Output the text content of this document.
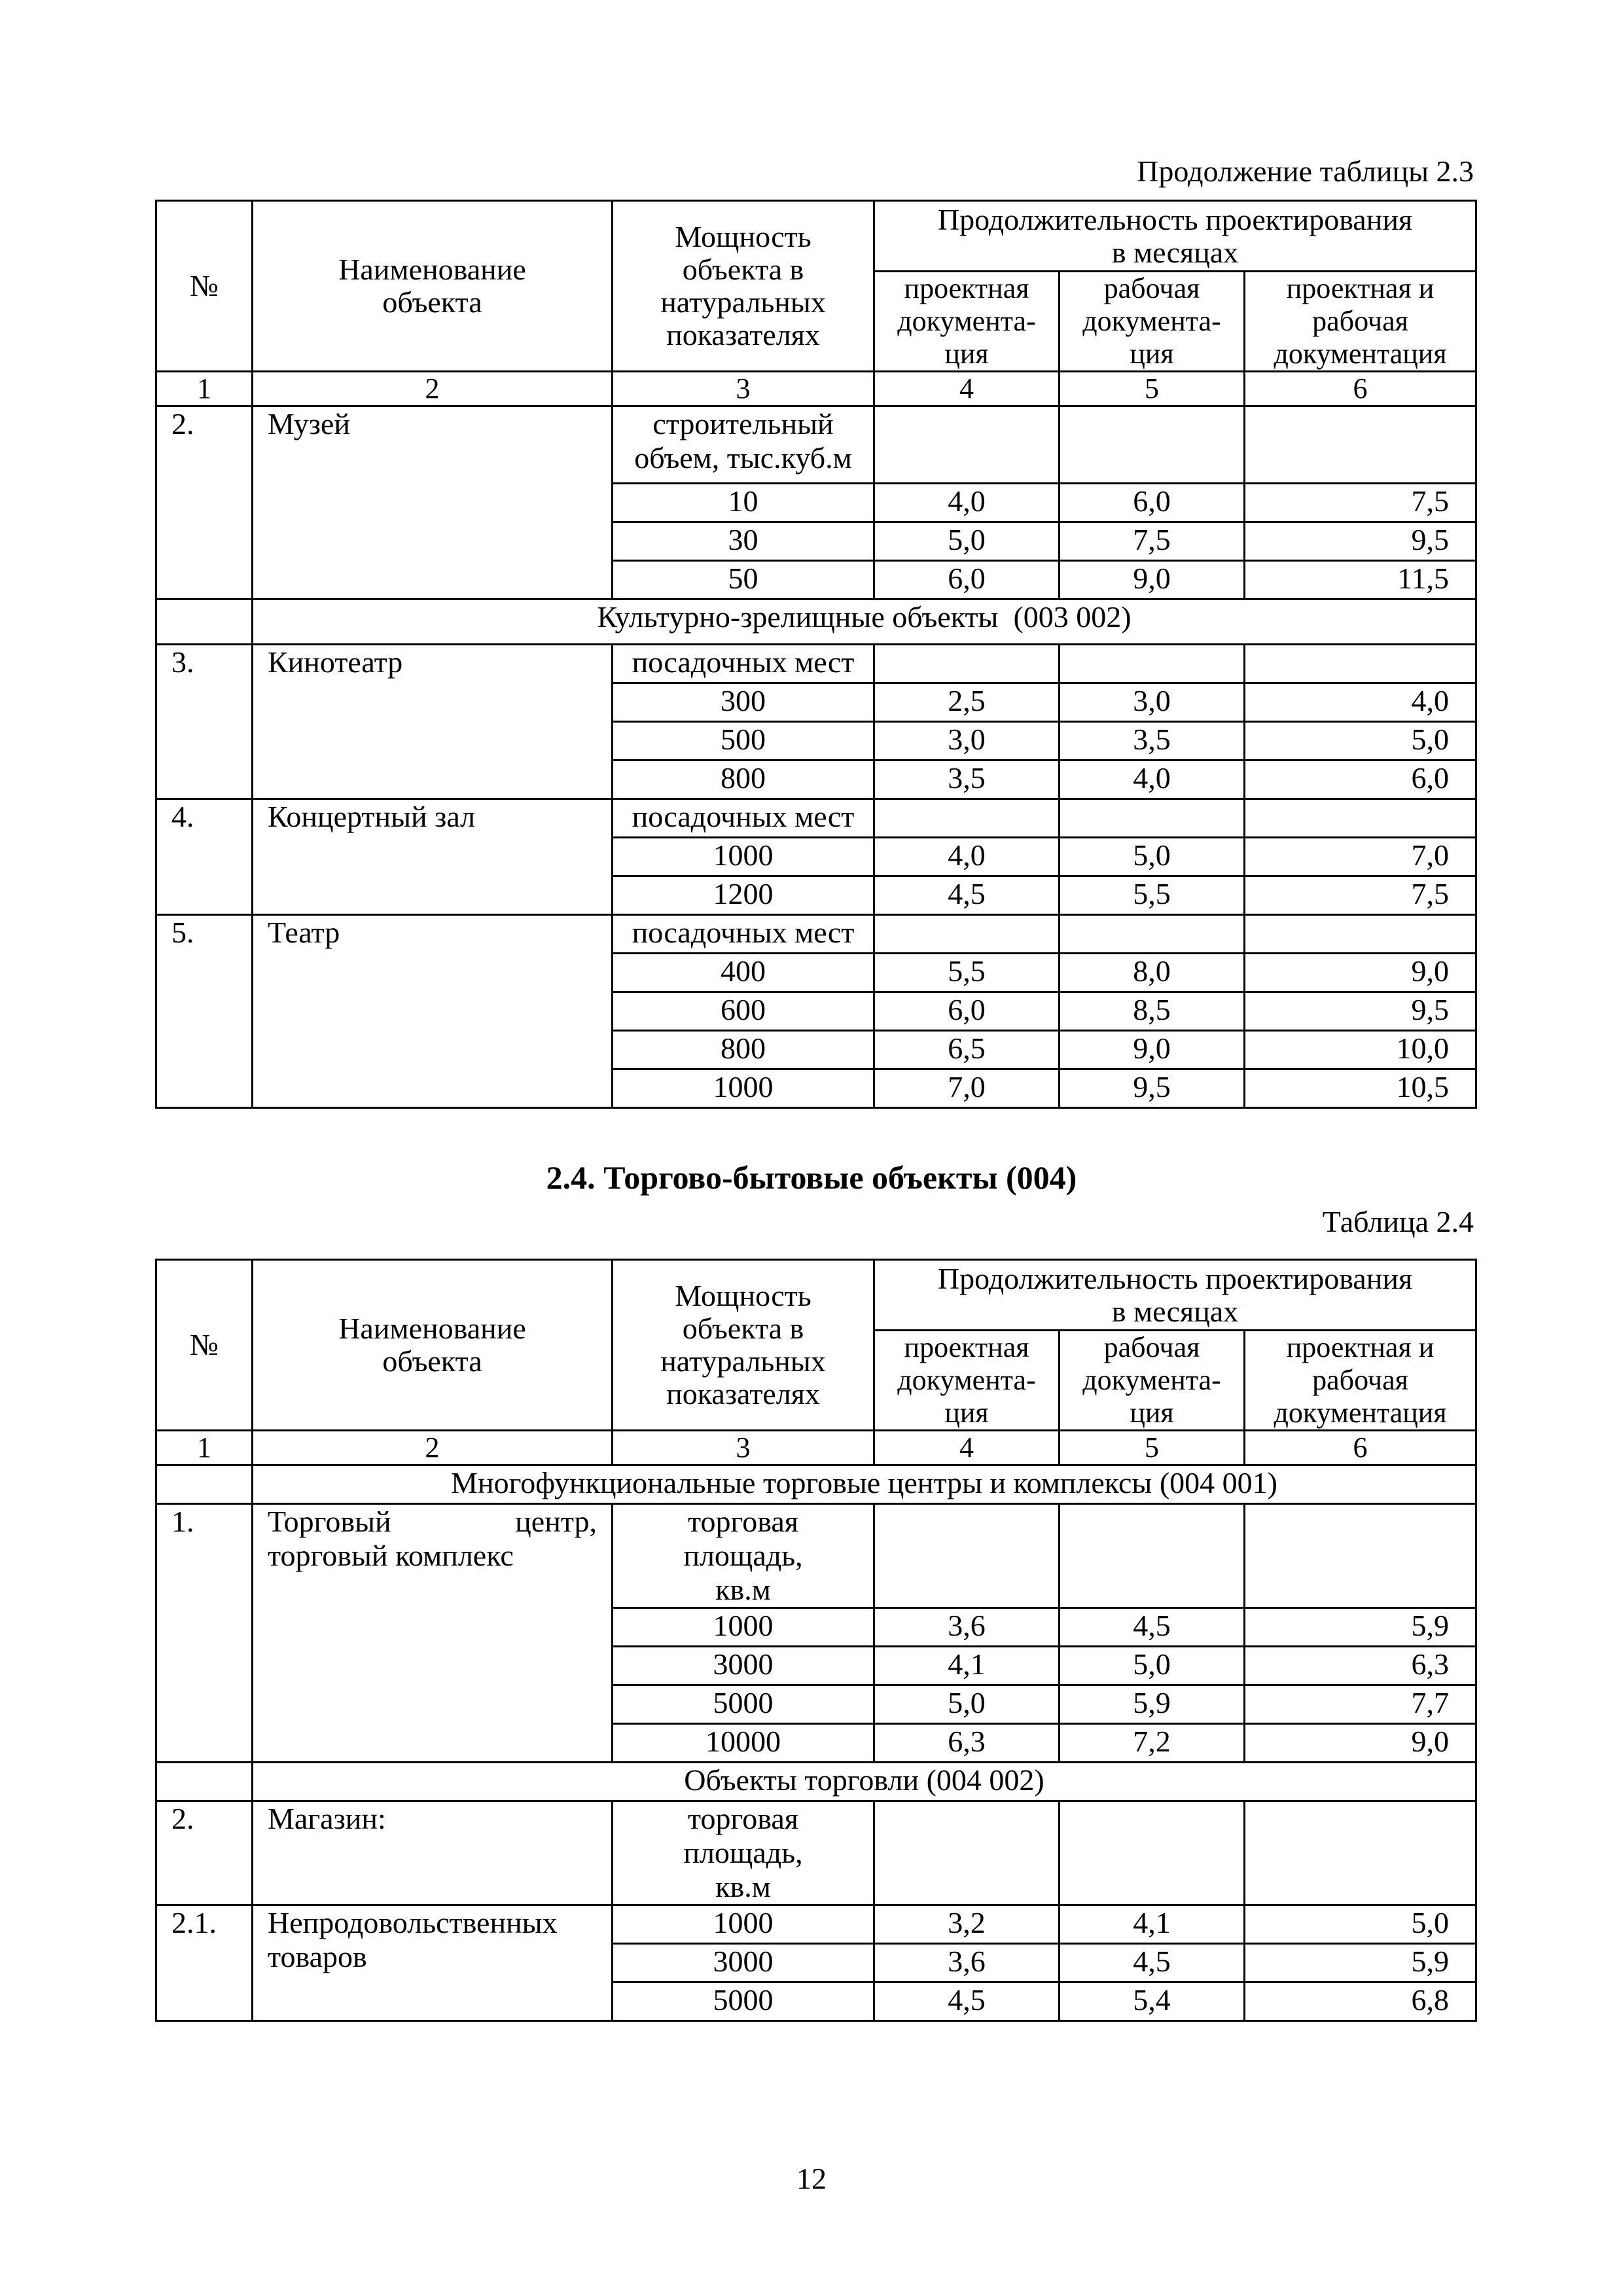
Продолжение таблицы 2.3
№	Наименование объекта	Мощность объекта в натуральных показателях	Продолжительность проектирования в месяцах		
			проектная документа-ция	рабочая документа-ция	проектная и рабочая документация
1	2	3	4	5	6
2.	Музей	строительный объем, тыс.куб.м			
		10	4,0	6,0	7,5
		30	5,0	7,5	9,5
		50	6,0	9,0	11,5
	Культурно-зрелищные объекты  (003 002)				
3.	Кинотеатр	посадочных мест			
		300	2,5	3,0	4,0
		500	3,0	3,5	5,0
		800	3,5	4,0	6,0
4.	Концертный зал	посадочных мест			
		1000	4,0	5,0	7,0
		1200	4,5	5,5	7,5
5.	Театр	посадочных мест			
		400	5,5	8,0	9,0
		600	6,0	8,5	9,5
		800	6,5	9,0	10,0
		1000	7,0	9,5	10,5
2.4. Торгово-бытовые объекты (004)
Таблица 2.4
№	Наименование объекта	Мощность объекта в натуральных показателях	Продолжительность проектирования в месяцах		
			проектная документа-ция	рабочая документа-ция	проектная и рабочая документация
1	2	3	4	5	6
	Многофункциональные торговые центры и комплексы (004 001)				
1.	Торговый центр, торговый комплекс	торговая площадь, кв.м			
		1000	3,6	4,5	5,9
		3000	4,1	5,0	6,3
		5000	5,0	5,9	7,7
		10000	6,3	7,2	9,0
	Объекты торговли (004 002)				
2.	Магазин:	торговая площадь, кв.м			
2.1.	Непродовольственных товаров	1000	3,2	4,1	5,0
		3000	3,6	4,5	5,9
		5000	4,5	5,4	6,8
12
